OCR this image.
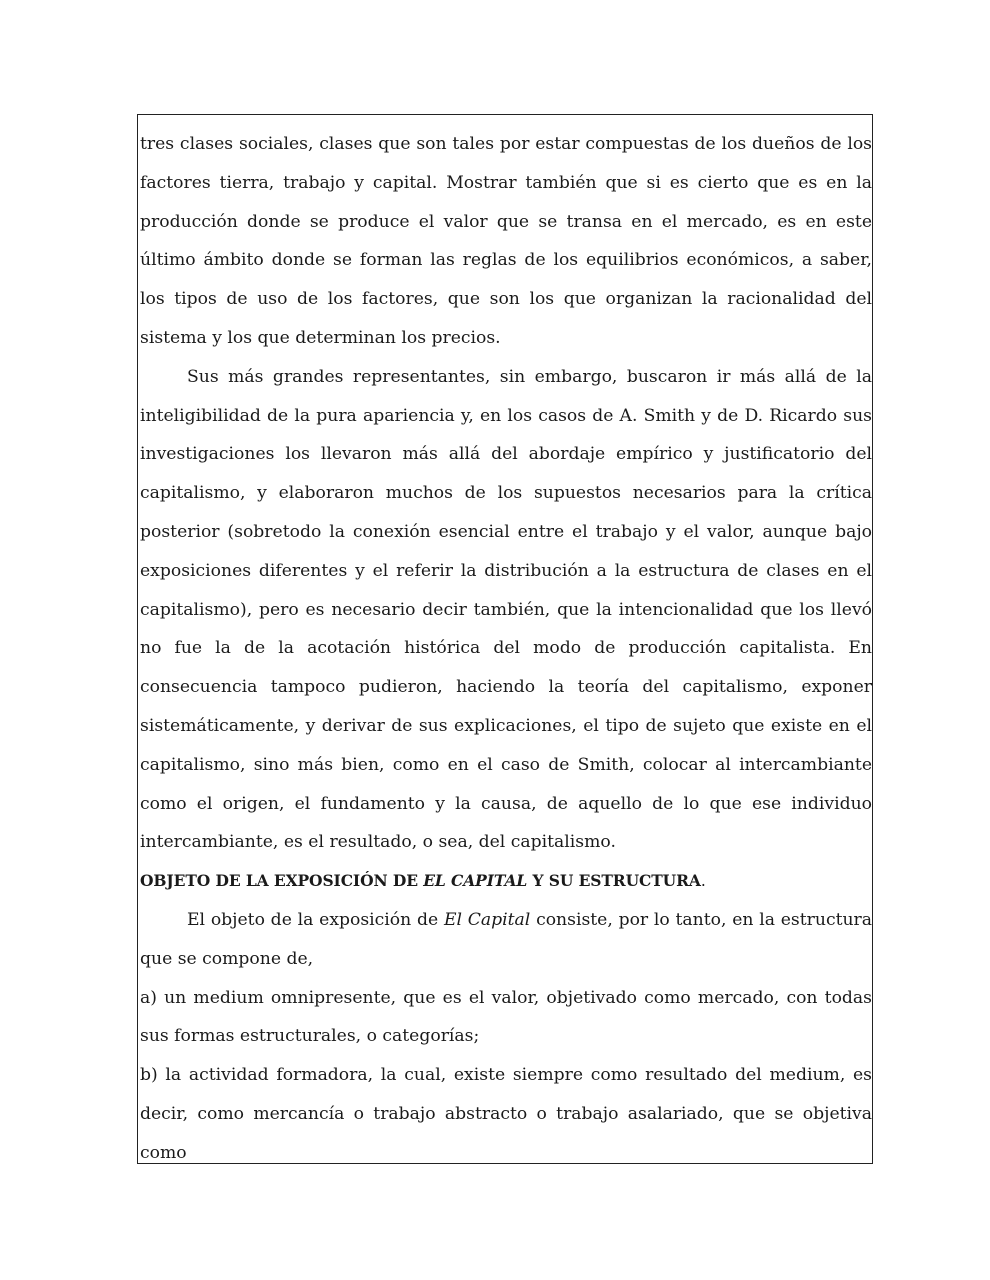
tres clases sociales, clases que son tales por estar compuestas de los dueños de los factores tierra, trabajo y capital. Mostrar también que si es cierto que es en la producción donde se produce el valor que se transa en el mercado, es en este último ámbito donde se forman las reglas de los equilibrios económicos, a saber, los tipos de uso de los factores, que son los que organizan la racionalidad del sistema y los que determinan los precios.

Sus más grandes representantes, sin embargo, buscaron ir más allá de la inteligibilidad de la pura apariencia y, en los casos de A. Smith y de D. Ricardo sus investigaciones los llevaron más allá del abordaje empírico y justificatorio del capitalismo, y elaboraron muchos de los supuestos necesarios para la crítica posterior (sobretodo la conexión esencial entre el trabajo y el valor, aunque bajo exposiciones diferentes y el referir la distribución a la estructura de clases en el capitalismo), pero es necesario decir también, que la intencionalidad que los llevó no fue la de la acotación histórica del modo de producción capitalista. En consecuencia tampoco pudieron, haciendo la teoría del capitalismo, exponer sistemáticamente, y derivar de sus explicaciones, el tipo de sujeto que existe en el capitalismo, sino más bien, como en el caso de Smith, colocar al intercambiante como el origen, el fundamento y la causa, de aquello de lo que ese individuo intercambiante, es el resultado, o sea, del capitalismo.

OBJETO DE LA EXPOSICIÓN DE EL CAPITAL Y SU ESTRUCTURA.

El objeto de la exposición de El Capital consiste, por lo tanto, en la estructura que se compone de,

a) un medium omnipresente, que es el valor, objetivado como mercado, con todas sus formas estructurales, o categorías;

b) la actividad formadora, la cual, existe siempre como resultado del medium, es decir, como mercancía o trabajo abstracto o trabajo asalariado, que se objetiva como
